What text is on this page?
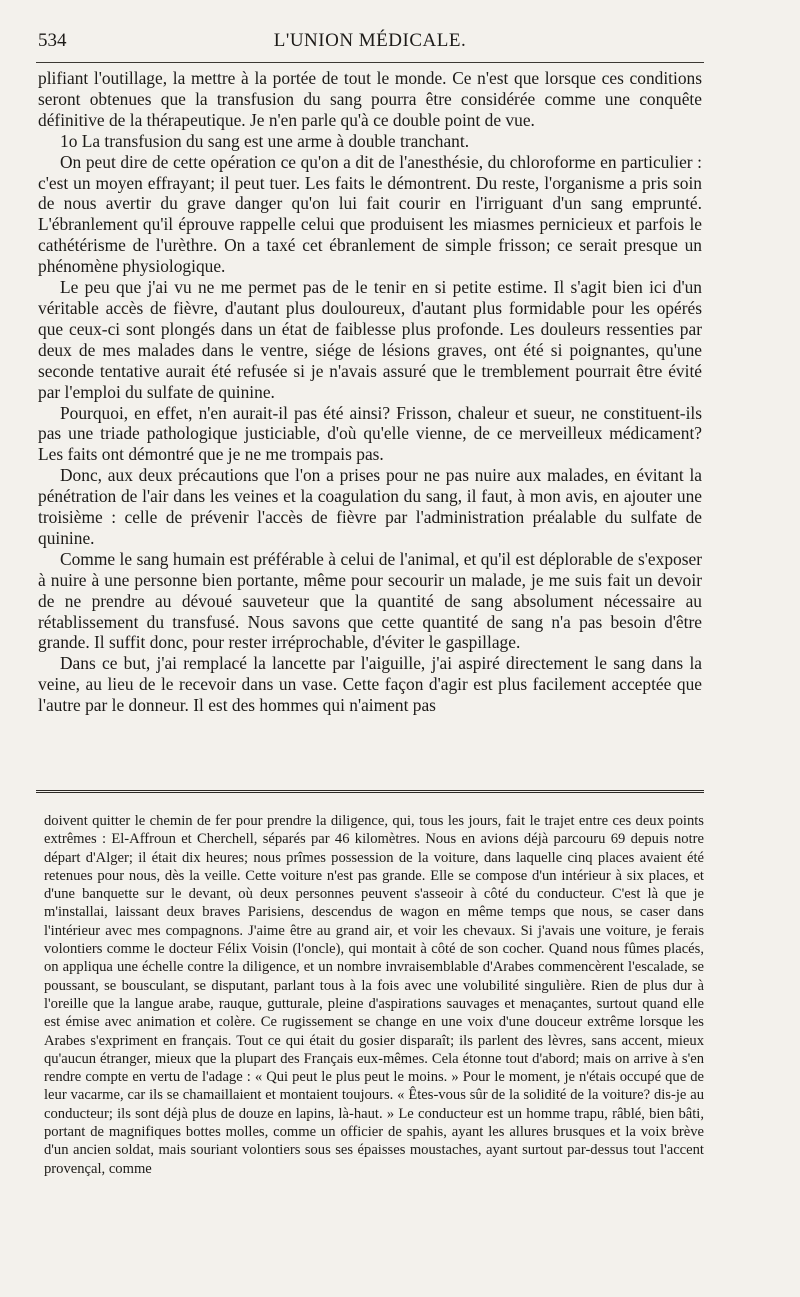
534	L'UNION MÉDICALE.

plifiant l'outillage, la mettre à la portée de tout le monde. Ce n'est que lorsque ces conditions seront obtenues que la transfusion du sang pourra être considérée comme une conquête définitive de la thérapeutique. Je n'en parle qu'à ce double point de vue.

1o La transfusion du sang est une arme à double tranchant.

On peut dire de cette opération ce qu'on a dit de l'anesthésie, du chloroforme en particulier : c'est un moyen effrayant; il peut tuer. Les faits le démontrent. Du reste, l'organisme a pris soin de nous avertir du grave danger qu'on lui fait courir en l'irriguant d'un sang emprunté. L'ébranlement qu'il éprouve rappelle celui que produisent les miasmes pernicieux et parfois le cathétérisme de l'urèthre. On a taxé cet ébranlement de simple frisson; ce serait presque un phénomène physiologique.

Le peu que j'ai vu ne me permet pas de le tenir en si petite estime. Il s'agit bien ici d'un véritable accès de fièvre, d'autant plus douloureux, d'autant plus formidable pour les opérés que ceux-ci sont plongés dans un état de faiblesse plus profonde. Les douleurs ressenties par deux de mes malades dans le ventre, siége de lésions graves, ont été si poignantes, qu'une seconde tentative aurait été refusée si je n'avais assuré que le tremblement pourrait être évité par l'emploi du sulfate de quinine.

Pourquoi, en effet, n'en aurait-il pas été ainsi? Frisson, chaleur et sueur, ne constituent-ils pas une triade pathologique justiciable, d'où qu'elle vienne, de ce merveilleux médicament? Les faits ont démontré que je ne me trompais pas.

Donc, aux deux précautions que l'on a prises pour ne pas nuire aux malades, en évitant la pénétration de l'air dans les veines et la coagulation du sang, il faut, à mon avis, en ajouter une troisième : celle de prévenir l'accès de fièvre par l'administration préalable du sulfate de quinine.

Comme le sang humain est préférable à celui de l'animal, et qu'il est déplorable de s'exposer à nuire à une personne bien portante, même pour secourir un malade, je me suis fait un devoir de ne prendre au dévoué sauveteur que la quantité de sang absolument nécessaire au rétablissement du transfusé. Nous savons que cette quantité de sang n'a pas besoin d'être grande. Il suffit donc, pour rester irréprochable, d'éviter le gaspillage.

Dans ce but, j'ai remplacé la lancette par l'aiguille, j'ai aspiré directement le sang dans la veine, au lieu de le recevoir dans un vase. Cette façon d'agir est plus facilement acceptée que l'autre par le donneur. Il est des hommes qui n'aiment pas

doivent quitter le chemin de fer pour prendre la diligence, qui, tous les jours, fait le trajet entre ces deux points extrêmes : El-Affroun et Cherchell, séparés par 46 kilomètres. Nous en avions déjà parcouru 69 depuis notre départ d'Alger; il était dix heures; nous prîmes possession de la voiture, dans laquelle cinq places avaient été retenues pour nous, dès la veille. Cette voiture n'est pas grande. Elle se compose d'un intérieur à six places, et d'une banquette sur le devant, où deux personnes peuvent s'asseoir à côté du conducteur. C'est là que je m'installai, laissant deux braves Parisiens, descendus de wagon en même temps que nous, se caser dans l'intérieur avec mes compagnons. J'aime être au grand air, et voir les chevaux. Si j'avais une voiture, je ferais volontiers comme le docteur Félix Voisin (l'oncle), qui montait à côté de son cocher. Quand nous fûmes placés, on appliqua une échelle contre la diligence, et un nombre invraisemblable d'Arabes commencèrent l'escalade, se poussant, se bousculant, se disputant, parlant tous à la fois avec une volubilité singulière. Rien de plus dur à l'oreille que la langue arabe, rauque, gutturale, pleine d'aspirations sauvages et menaçantes, surtout quand elle est émise avec animation et colère. Ce rugissement se change en une voix d'une douceur extrême lorsque les Arabes s'expriment en français. Tout ce qui était du gosier disparaît; ils parlent des lèvres, sans accent, mieux qu'aucun étranger, mieux que la plupart des Français eux-mêmes. Cela étonne tout d'abord; mais on arrive à s'en rendre compte en vertu de l'adage : « Qui peut le plus peut le moins. » Pour le moment, je n'étais occupé que de leur vacarme, car ils se chamaillaient et montaient toujours. « Êtes-vous sûr de la solidité de la voiture? dis-je au conducteur; ils sont déjà plus de douze en lapins, là-haut. » Le conducteur est un homme trapu, râblé, bien bâti, portant de magnifiques bottes molles, comme un officier de spahis, ayant les allures brusques et la voix brève d'un ancien soldat, mais souriant volontiers sous ses épaisses moustaches, ayant surtout par-dessus tout l'accent provençal, comme
